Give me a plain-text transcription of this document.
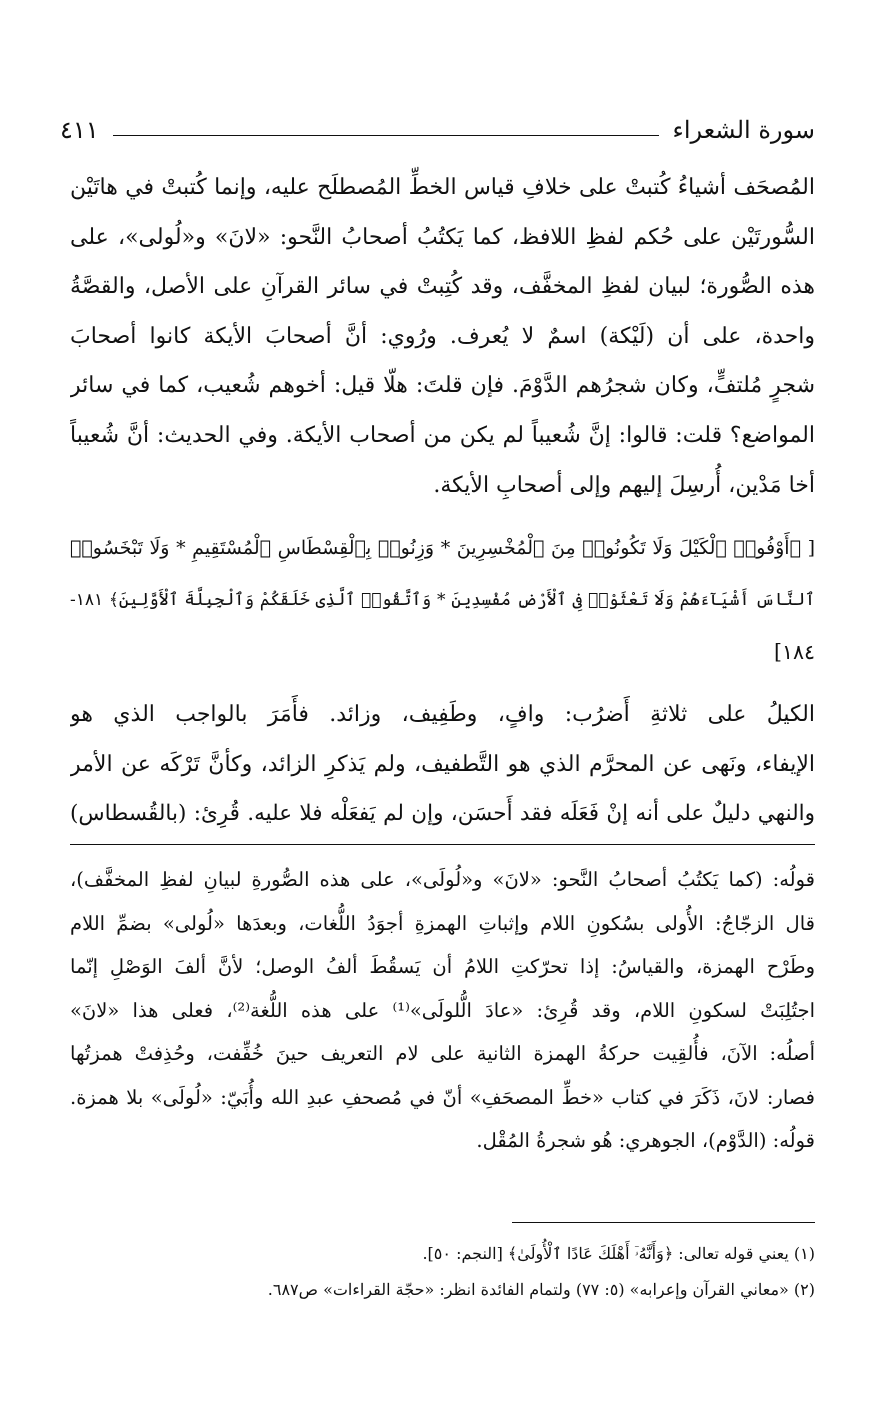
سورة الشعراء
٤١١
المُصحَف أشياءُ كُتبتْ على خلافِ قياس الخطِّ المُصطلَح عليه، وإنما كُتبتْ في هاتَيْن
السُّورتَيْن على حُكم لفظِ اللافظ، كما يَكتُبُ أصحابُ النَّحو: «لانَ» و«لُولى»، على
هذه الصُّورة؛ لبيان لفظِ المخفَّف، وقد كُتِبتْ في سائر القرآنِ على الأصل، والقصَّةُ
واحدة، على أن (لَيْكة) اسمٌ لا يُعرف. ورُوي: أنَّ أصحابَ الأيكة كانوا أصحابَ
شجرٍ مُلتفٍّ، وكان شجرُهم الدَّوْمَ. فإن قلتَ: هلّا قيل: أخوهم شُعيب، كما في سائر
المواضع؟ قلت: قالوا: إنَّ شُعيباً لم يكن من أصحاب الأيكة. وفي الحديث: أنَّ شُعيباً
أخا مَدْين، أُرسِلَ إليهم وإلى أصحابِ الأيكة.
[ ﴿أَوْفُوا۟ ٱلْكَيْلَ وَلَا تَكُونُوا۟ مِنَ ٱلْمُخْسِرِينَ * وَزِنُوا۟ بِٱلْقِسْطَاسِ ٱلْمُسْتَقِيمِ * وَلَا تَبْخَسُوا۟
ٱلنَّاسَ أَشْيَآءَهُمْ وَلَا تَعْثَوْا۟ فِى ٱلْأَرْضِ مُفْسِدِينَ * وَٱتَّقُوا۟ ٱلَّذِى خَلَقَكُمْ وَٱلْجِبِلَّةَ ٱلْأَوَّلِينَ﴾ ١٨١-
١٨٤]
الكيلُ على ثلاثةِ أَضرُب: وافٍ، وطَفِيف، وزائد. فأَمَرَ بالواجب الذي هو
الإيفاء، ونَهى عن المحرَّم الذي هو التَّطفيف، ولم يَذكرِ الزائد، وكأنَّ تَرْكَه عن الأمر
والنهي دليلٌ على أنه إنْ فَعَلَه فقد أَحسَن، وإن لم يَفعَلْه فلا عليه. قُرِئ: (بالقُسطاس)
قولُه: (كما يَكتُبُ أصحابُ النَّحو: «لانَ» و«لُولَى»، على هذه الصُّورةِ لبيانِ لفظِ المخفَّف)،
قال الزجّاجُ: الأُولى بسُكونِ اللام وإثباتِ الهمزةِ أجوَدُ اللُّغات، وبعدَها «لُولى» بضمِّ اللام
وطَرْح الهمزة، والقياسُ: إذا تحرّكتِ اللامُ أن يَسقُطَ ألفُ الوصل؛ لأنَّ ألفَ الوَصْلِ إنّما
اجتُلِبَتْ لسكونِ اللام، وقد قُرِئ: «عادَ الُّلولَى»⁽¹⁾ على هذه اللُّغة⁽²⁾، فعلى هذا «لانَ»
أصلُه: الآنَ، فأُلقِيت حركةُ الهمزة الثانية على لام التعريف حينَ خُفِّفت، وحُذِفتْ همزتُها
فصار: لانَ، ذَكَرَ في كتاب «خطِّ المصحَفِ» أنّ في مُصحفِ عبدِ الله وأُبَيّ: «لُولَى» بلا همزة.
قولُه: (الدَّوْم)، الجوهري: هُو شجرةُ المُقْل.
(١) يعني قوله تعالى: ﴿وَأَنَّهُۥٓ أَهْلَكَ عَادًا ٱلْأُولَىٰ﴾ [النجم: ٥٠].
(٢) «معاني القرآن وإعرابه» (٥: ٧٧) ولتمام الفائدة انظر: «حجّة القراءات» ص٦٨٧.
